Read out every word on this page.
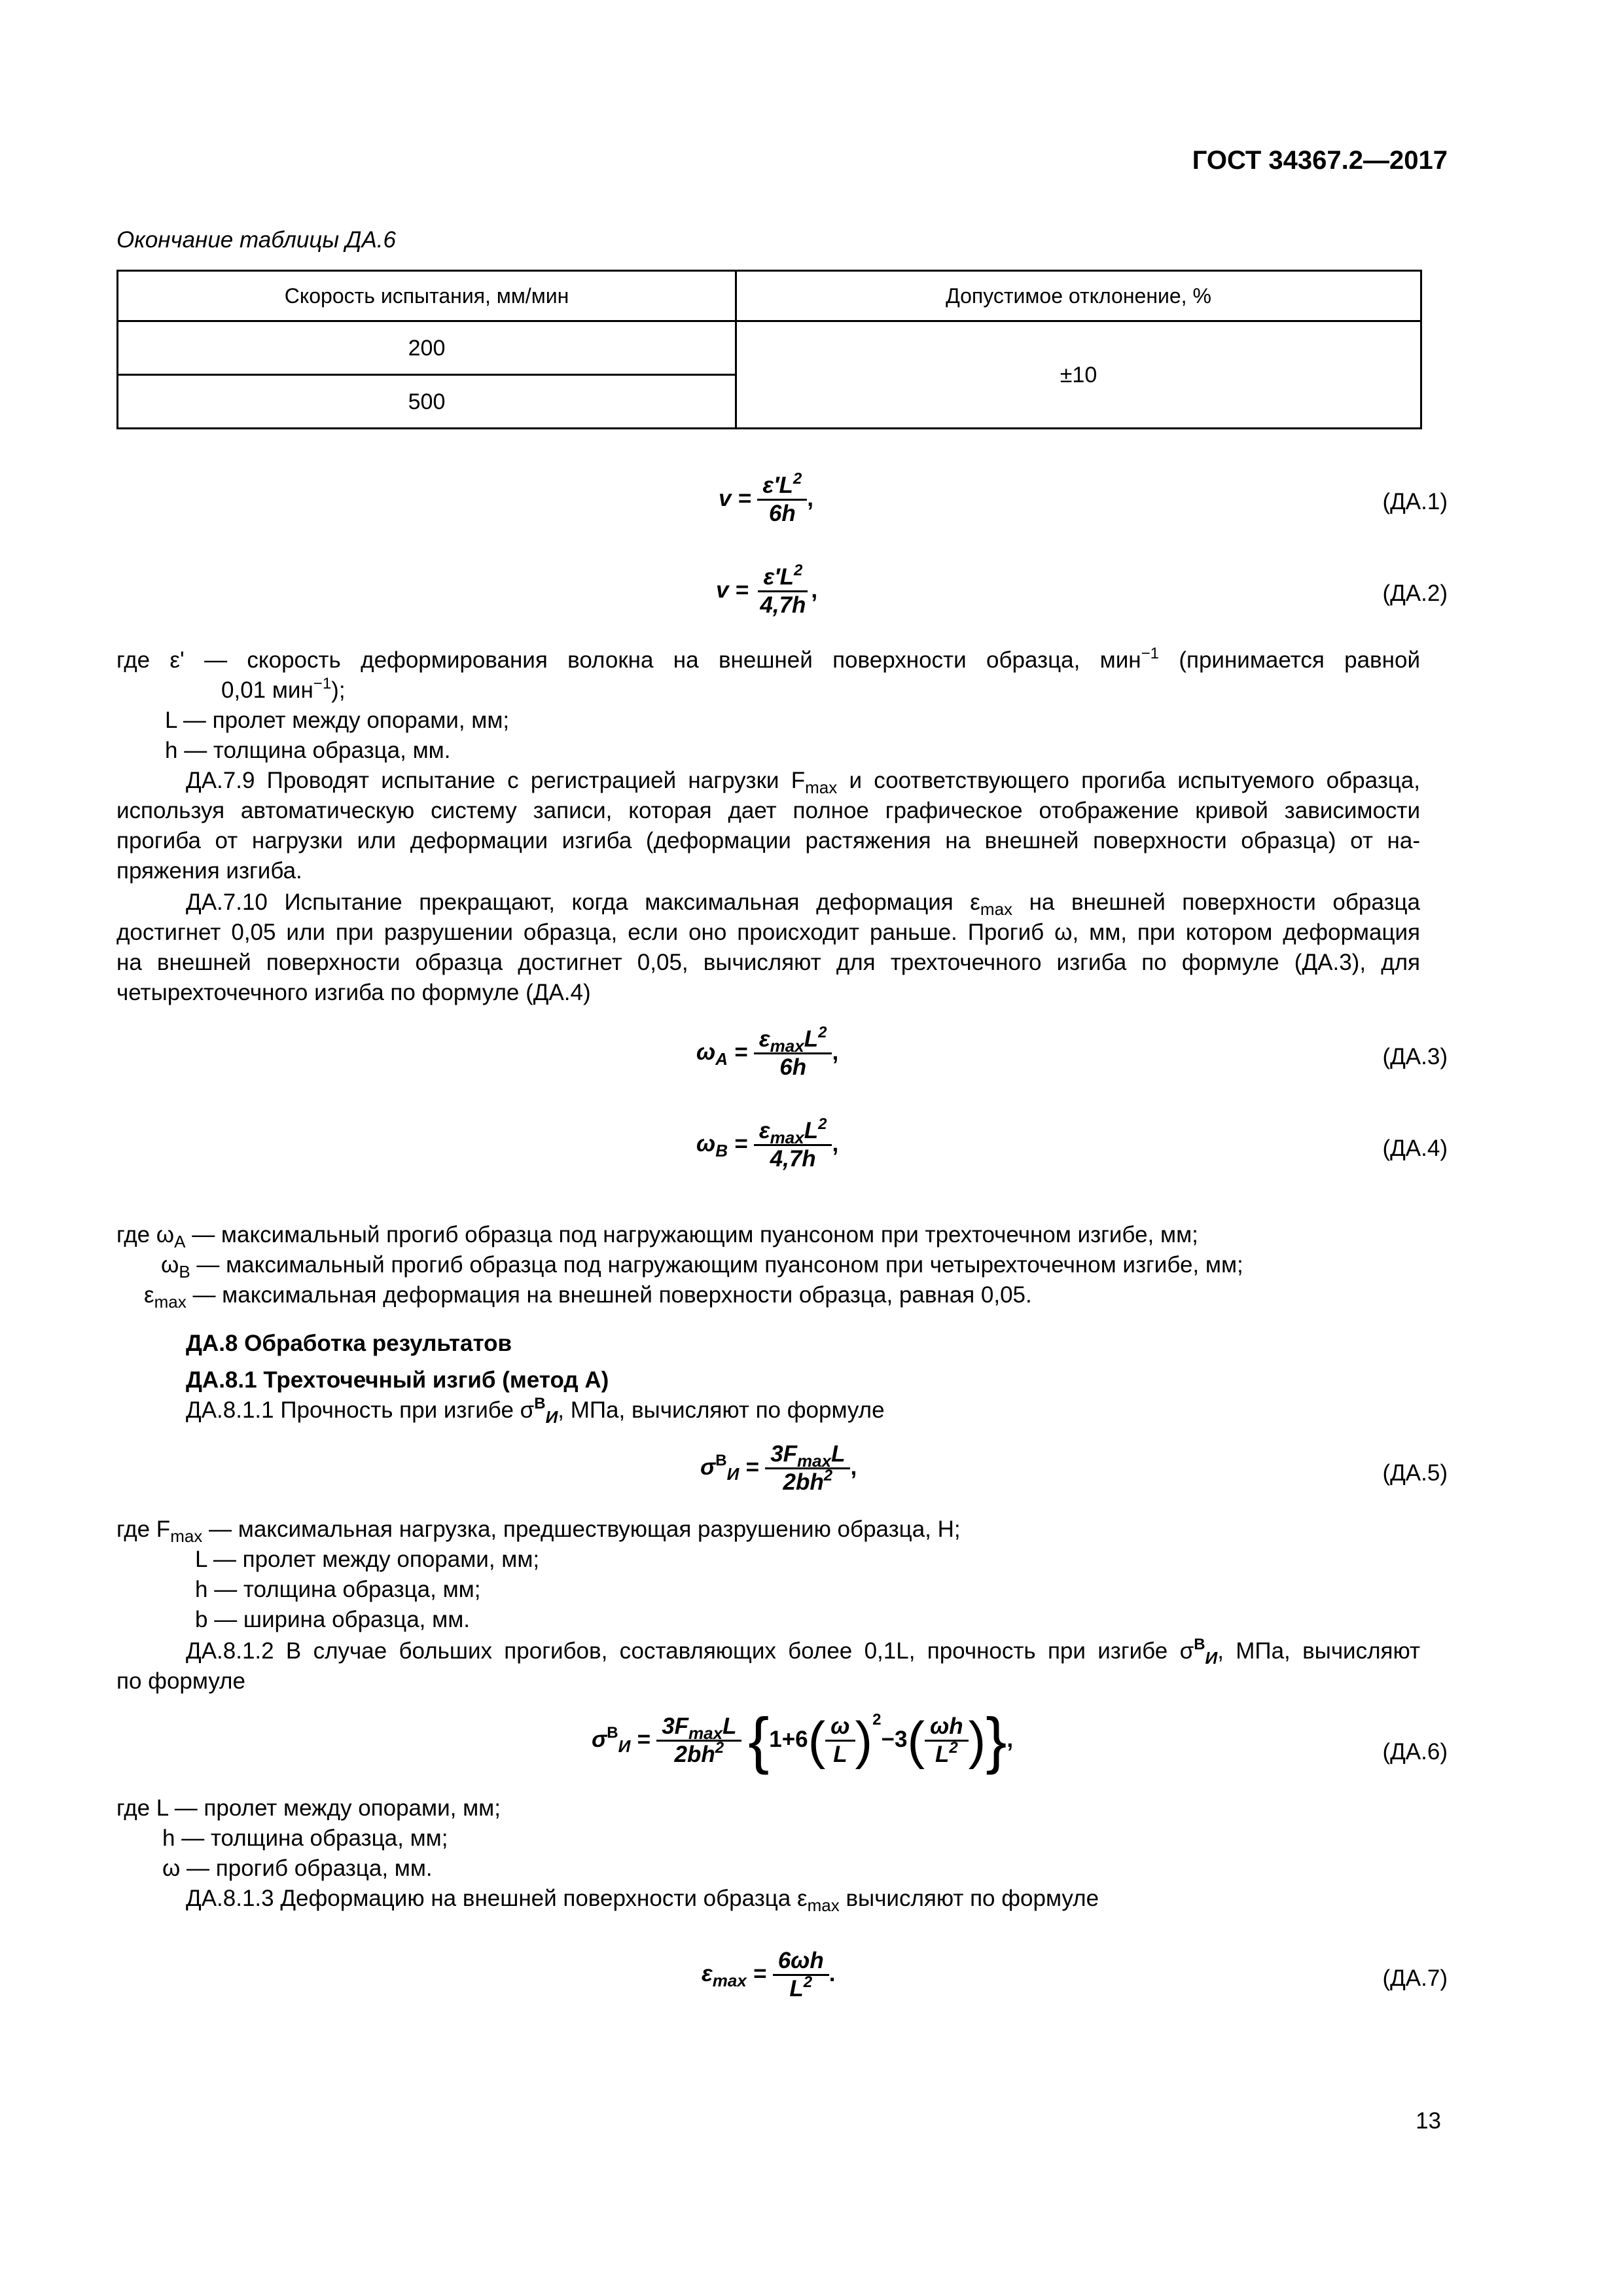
ГОСТ 34367.2—2017
Окончание таблицы ДА.6
Скорость испытания, мм/мин	Допустимое отклонение, %
200	±10
500	
$v = \frac{\varepsilon'L^2}{6h}$ ,	(ДА.1)
$v = \frac{\varepsilon'L^2}{4,7h}$ ,	(ДА.2)
где ε' — скорость деформирования волокна на внешней поверхности образца, мин$^{-1}$ (принимается равной
0,01 мин$^{-1}$);
L — пролет между опорами, мм;
h — толщина образца, мм.
ДА.7.9 Проводят испытание с регистрацией нагрузки $F_{max}$ и соответствующего прогиба испытуемого образца,
используя автоматическую систему записи, которая дает полное графическое отображение кривой зависимости
прогиба от нагрузки или деформации изгиба (деформации растяжения на внешней поверхности образца) от на-
пряжения изгиба.
ДА.7.10 Испытание прекращают, когда максимальная деформация $\varepsilon_{max}$ на внешней поверхности образца
достигнет 0,05 или при разрушении образца, если оно происходит раньше. Прогиб ω, мм, при котором деформация
на внешней поверхности образца достигнет 0,05, вычисляют для трехточечного изгиба по формуле (ДА.3), для
четырехточечного изгиба по формуле (ДА.4)
$\omega_A = \frac{\varepsilon_{max}L^2}{6h}$ ,	(ДА.3)
$\omega_B = \frac{\varepsilon_{max}L^2}{4,7h}$ ,	(ДА.4)
где $\omega_A$ — максимальный прогиб образца под нагружающим пуансоном при трехточечном изгибе, мм;
$\omega_B$ — максимальный прогиб образца под нагружающим пуансоном при четырехточечном изгибе, мм;
$\varepsilon_{max}$ — максимальная деформация на внешней поверхности образца, равная 0,05.
ДА.8 Обработка результатов
ДА.8.1 Трехточечный изгиб (метод А)
ДА.8.1.1 Прочность при изгибе $\sigma^В_И$, МПа, вычисляют по формуле
$\sigma^В_И = \frac{3F_{max}L}{2bh^2}$ ,	(ДА.5)
где $F_{max}$ — максимальная нагрузка, предшествующая разрушению образца, Н;
L — пролет между опорами, мм;
h — толщина образца, мм;
b — ширина образца, мм.
ДА.8.1.2 В случае больших прогибов, составляющих более 0,1L, прочность при изгибе $\sigma^В_И$, МПа, вычисляют
по формуле
$\sigma^В_И = \frac{3F_{max}L}{2bh^2} \{1+6( \frac{\omega}{L} )^2-3( \frac{\omega h}{L^2}$ )},	(ДА.6)
где L — пролет между опорами, мм;
h — толщина образца, мм;
ω — прогиб образца, мм.
ДА.8.1.3 Деформацию на внешней поверхности образца $\varepsilon_{max}$ вычисляют по формуле
$\varepsilon_{max} = \frac{6\omega h}{L^2}$ .	(ДА.7)
13
